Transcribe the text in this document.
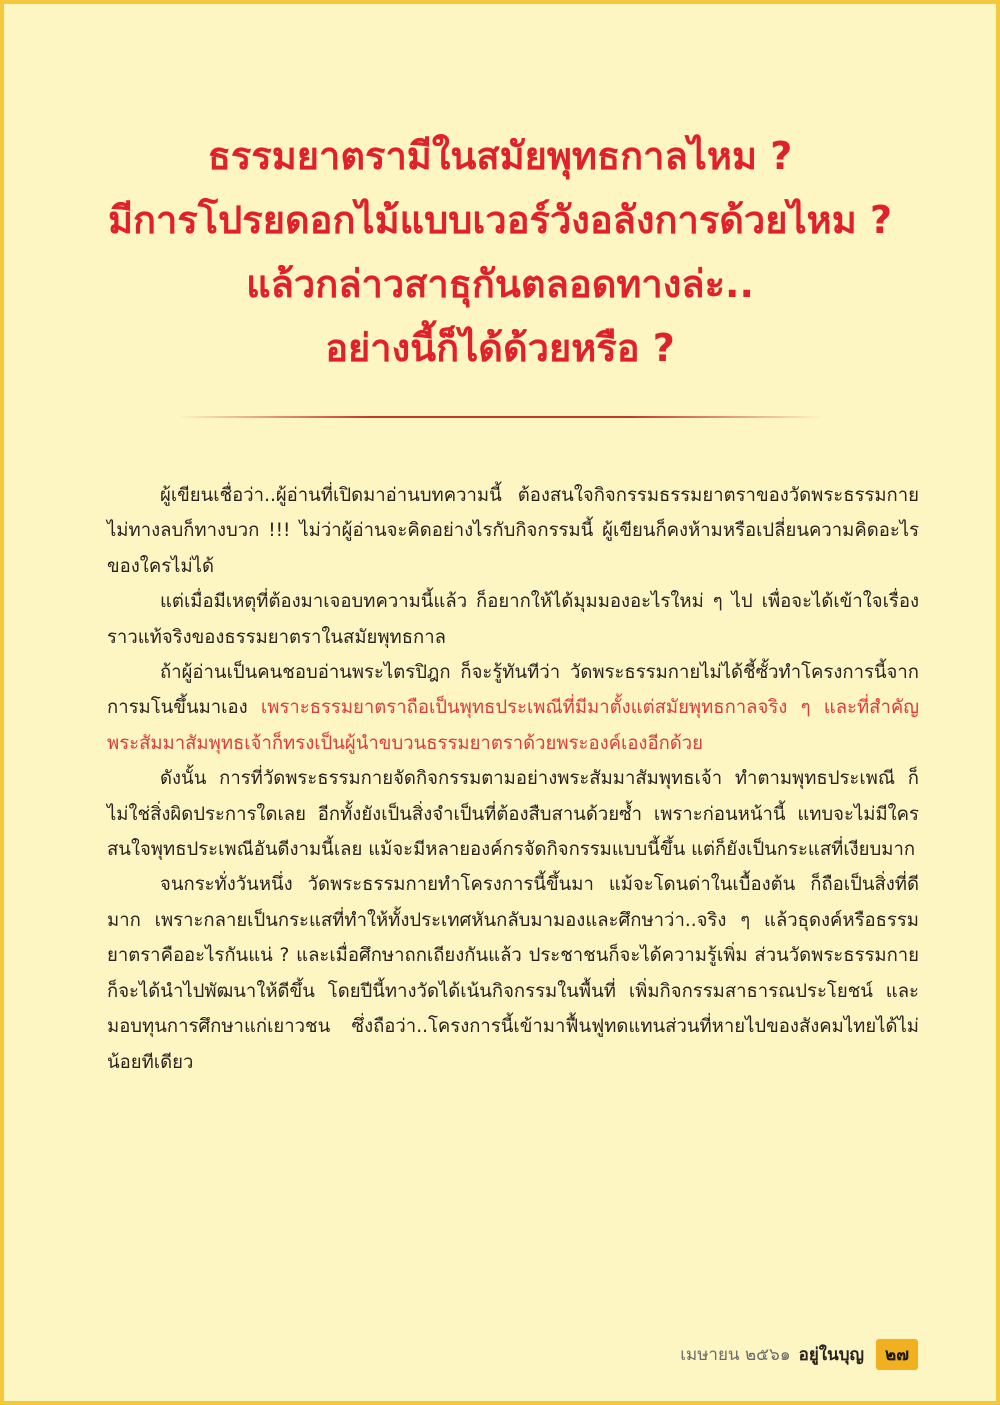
ธรรมยาตรามีในสมัยพุทธกาลไหม ?
มีการโปรยดอกไม้แบบเวอร์วังอลังการด้วยไหม ?
แล้วกล่าวสาธุกันตลอดทางล่ะ..
อย่างนี้ก็ได้ด้วยหรือ ?

ผู้เขียนเชื่อว่า..ผู้อ่านที่เปิดมาอ่านบทความนี้ ต้องสนใจกิจกรรมธรรมยาตราของวัดพระธรรมกายไม่ทางลบก็ทางบวก !!! ไม่ว่าผู้อ่านจะคิดอย่างไรกับกิจกรรมนี้ ผู้เขียนก็คงห้ามหรือเปลี่ยนความคิดอะไรของใครไม่ได้

แต่เมื่อมีเหตุที่ต้องมาเจอบทความนี้แล้ว ก็อยากให้ได้มุมมองอะไรใหม่ ๆ ไป เพื่อจะได้เข้าใจเรื่องราวแท้จริงของธรรมยาตราในสมัยพุทธกาล

ถ้าผู้อ่านเป็นคนชอบอ่านพระไตรปิฎก ก็จะรู้ทันทีว่า วัดพระธรรมกายไม่ได้ชี้ซั้วทำโครงการนี้จากการมโนขึ้นมาเอง เพราะธรรมยาตราถือเป็นพุทธประเพณีที่มีมาตั้งแต่สมัยพุทธกาลจริง ๆ และที่สำคัญ พระสัมมาสัมพุทธเจ้าก็ทรงเป็นผู้นำขบวนธรรมยาตราด้วยพระองค์เองอีกด้วย

ดังนั้น การที่วัดพระธรรมกายจัดกิจกรรมตามอย่างพระสัมมาสัมพุทธเจ้า ทำตามพุทธประเพณี ก็ไม่ใช่สิ่งผิดประการใดเลย อีกทั้งยังเป็นสิ่งจำเป็นที่ต้องสืบสานด้วยซ้ำ เพราะก่อนหน้านี้ แทบจะไม่มีใครสนใจพุทธประเพณีอันดีงามนี้เลย แม้จะมีหลายองค์กรจัดกิจกรรมแบบนี้ขึ้น แต่ก็ยังเป็นกระแสที่เงียบมาก

จนกระทั่งวันหนึ่ง วัดพระธรรมกายทำโครงการนี้ขึ้นมา แม้จะโดนด่าในเบื้องต้น ก็ถือเป็นสิ่งที่ดีมาก เพราะกลายเป็นกระแสที่ทำให้ทั้งประเทศหันกลับมามองและศึกษาว่า..จริง ๆ แล้วธุดงค์หรือธรรมยาตราคืออะไรกันแน่ ? และเมื่อศึกษาถกเถียงกันแล้ว ประชาชนก็จะได้ความรู้เพิ่ม ส่วนวัดพระธรรมกายก็จะได้นำไปพัฒนาให้ดีขึ้น โดยปีนี้ทางวัดได้เน้นกิจกรรมในพื้นที่ เพิ่มกิจกรรมสาธารณประโยชน์ และมอบทุนการศึกษาแก่เยาวชน ซึ่งถือว่า..โครงการนี้เข้ามาฟื้นฟูทดแทนส่วนที่หายไปของสังคมไทยได้ไม่น้อยทีเดียว

เมษายน ๒๕๖๑ อยู่ในบุญ	๒๗
